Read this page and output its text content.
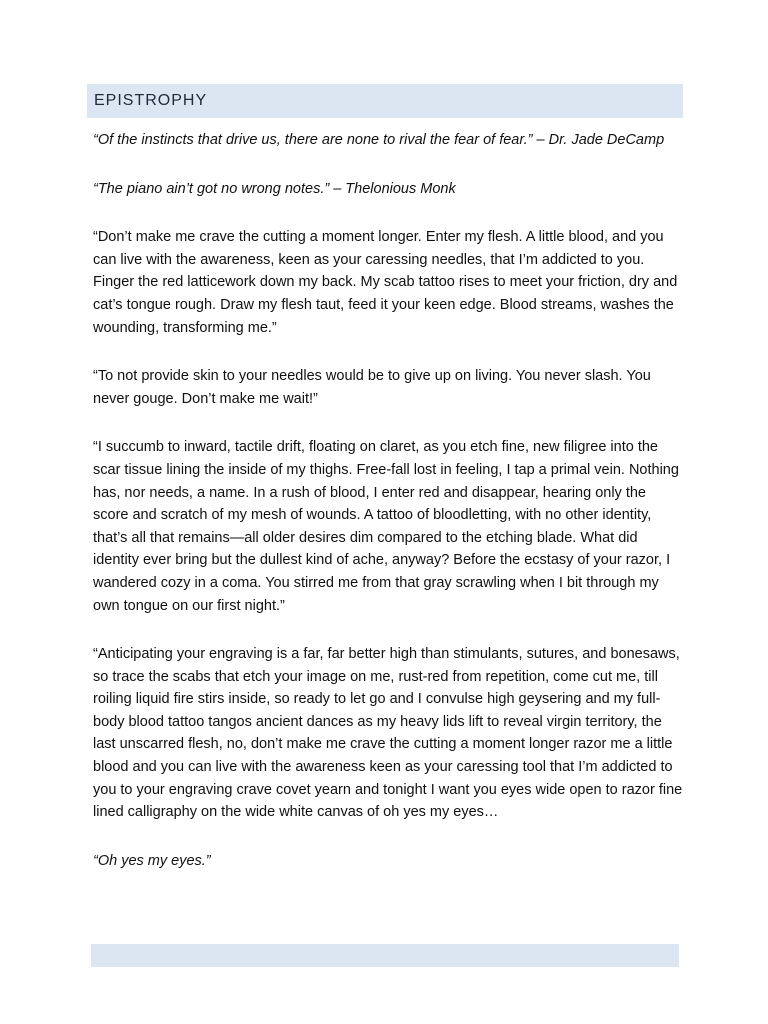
EPISTROPHY

“Of the instincts that drive us, there are none to rival the fear of fear.” – Dr. Jade DeCamp

“The piano ain’t got no wrong notes.” – Thelonious Monk

“Don’t make me crave the cutting a moment longer. Enter my flesh. A little blood, and you can live with the awareness, keen as your caressing needles, that I’m addicted to you. Finger the red latticework down my back. My scab tattoo rises to meet your friction, dry and cat’s tongue rough. Draw my flesh taut, feed it your keen edge. Blood streams, washes the wounding, transforming me.”

“To not provide skin to your needles would be to give up on living. You never slash. You never gouge. Don’t make me wait!”

“I succumb to inward, tactile drift, floating on claret, as you etch fine, new filigree into the scar tissue lining the inside of my thighs. Free-fall lost in feeling, I tap a primal vein. Nothing has, nor needs, a name. In a rush of blood, I enter red and disappear, hearing only the score and scratch of my mesh of wounds. A tattoo of bloodletting, with no other identity, that’s all that remains—all older desires dim compared to the etching blade. What did identity ever bring but the dullest kind of ache, anyway? Before the ecstasy of your razor, I wandered cozy in a coma. You stirred me from that gray scrawling when I bit through my own tongue on our first night.”

“Anticipating your engraving is a far, far better high than stimulants, sutures, and bonesaws, so trace the scabs that etch your image on me, rust-red from repetition, come cut me, till roiling liquid fire stirs inside, so ready to let go and I convulse high geysering and my full-body blood tattoo tangos ancient dances as my heavy lids lift to reveal virgin territory, the last unscarred flesh, no, don’t make me crave the cutting a moment longer razor me a little blood and you can live with the awareness keen as your caressing tool that I’m addicted to you to your engraving crave covet yearn and tonight I want you eyes wide open to razor fine lined calligraphy on the wide white canvas of oh yes my eyes…

“Oh yes my eyes.”
